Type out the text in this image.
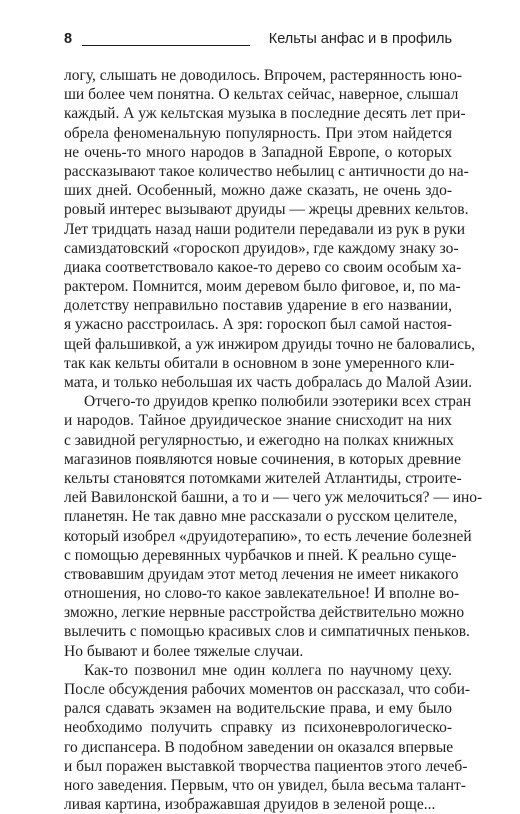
8	Кельты анфас и в профиль
логу, слышать не доводилось. Впрочем, растерянность юно-
ши более чем понятна. О кельтах сейчас, наверное, слышал
каждый. А уж кельтская музыка в последние десять лет при-
обрела феноменальную популярность. При этом найдется
не очень-то много народов в Западной Европе, о которых
рассказывают такое количество небылиц с античности до на-
ших дней. Особенный, можно даже сказать, не очень здо-
ровый интерес вызывают друиды — жрецы древних кельтов.
Лет тридцать назад наши родители передавали из рук в руки
самиздатовский «гороскоп друидов», где каждому знаку зо-
диака соответствовало какое-то дерево со своим особым ха-
рактером. Помнится, моим деревом было фиговое, и, по ма-
долетству неправильно поставив ударение в его названии,
я ужасно расстроилась. А зря: гороскоп был самой настоя-
щей фальшивкой, а уж инжиром друиды точно не баловались,
так как кельты обитали в основном в зоне умеренного кли-
мата, и только небольшая их часть добралась до Малой Азии.
Отчего-то друидов крепко полюбили эзотерики всех стран
и народов. Тайное друидическое знание снисходит на них
с завидной регулярностью, и ежегодно на полках книжных
магазинов появляются новые сочинения, в которых древние
кельты становятся потомками жителей Атлантиды, строите-
лей Вавилонской башни, а то и — чего уж мелочиться? — ино-
планетян. Не так давно мне рассказали о русском целителе,
который изобрел «друидотерапию», то есть лечение болезней
с помощью деревянных чурбачков и пней. К реально суще-
ствовавшим друидам этот метод лечения не имеет никакого
отношения, но слово-то какое завлекательное! И вполне во-
зможно, легкие нервные расстройства действительно можно
вылечить с помощью красивых слов и симпатичных пеньков.
Но бывают и более тяжелые случаи.
Как-то позвонил мне один коллега по научному цеху.
После обсуждения рабочих моментов он рассказал, что соби-
рался сдавать экзамен на водительские права, и ему было
необходимо получить справку из психоневрологическо-
го диспансера. В подобном заведении он оказался впервые
и был поражен выставкой творчества пациентов этого лечеб-
ного заведения. Первым, что он увидел, была весьма талант-
ливая картина, изображавшая друидов в зеленой роще...
